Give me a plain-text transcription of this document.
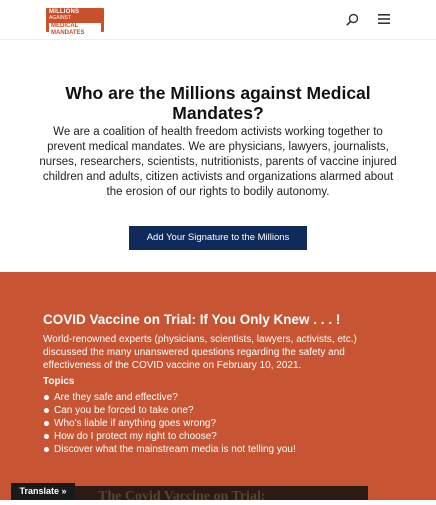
MILLIONS
AGAINST
MEDICAL MANDATES
Who are the Millions against Medical Mandates?

We are a coalition of health freedom activists working together to prevent medical mandates. We are physicians, lawyers, journalists, nurses, researchers, scientists, nutritionists, parents of vaccine injured children and adults, citizen activists and organizations alarmed about the erosion of our rights to bodily autonomy.

Add Your Signature to the Millions
COVID Vaccine on Trial: If You Only Knew . . . !

World-renowned experts (physicians, scientists, lawyers, activists, etc.) discussed the many unanswered questions regarding the safety and effectiveness of the COVID vaccine on February 10, 2021.

Topics
Are they safe and effective?
Can you be forced to take one?
Who's liable if anything goes wrong?
How do I protect my right to choose?
Discover what the mainstream media is not telling you!
The Covid Vaccine on Trial:
Translate »
